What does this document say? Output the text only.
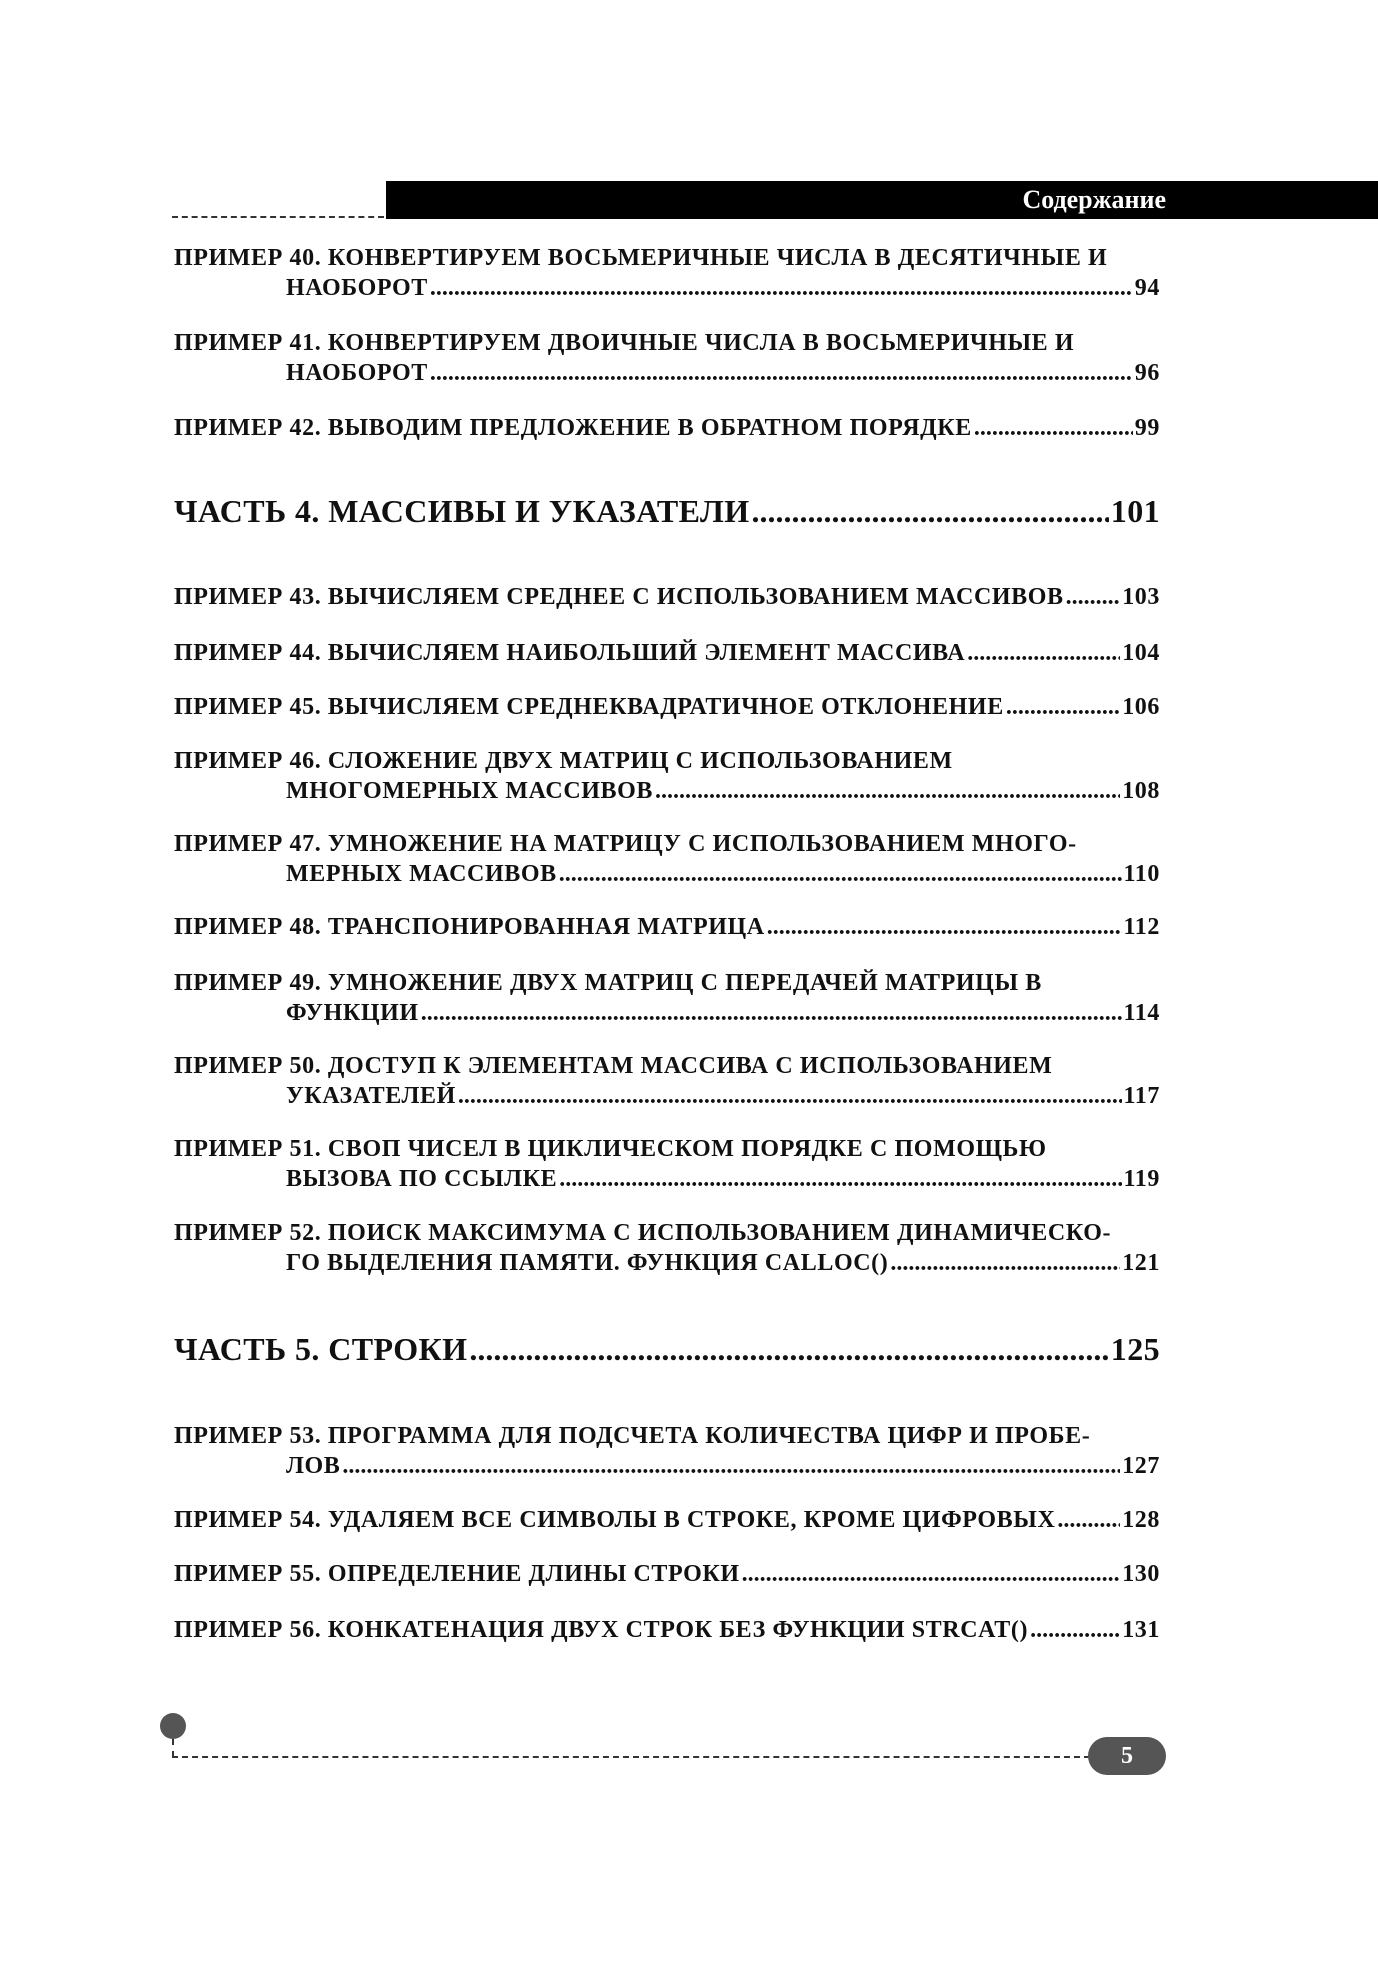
Содержание
ПРИМЕР 40. КОНВЕРТИРУЕМ ВОСЬМЕРИЧНЫЕ ЧИСЛА В ДЕСЯТИЧНЫЕ И
НАОБОРОТ .....	94
ПРИМЕР 41. КОНВЕРТИРУЕМ ДВОИЧНЫЕ ЧИСЛА В ВОСЬМЕРИЧНЫЕ И
НАОБОРОТ .....	96
ПРИМЕР 42. ВЫВОДИМ ПРЕДЛОЖЕНИЕ В ОБРАТНОМ ПОРЯДКЕ .....	99
ЧАСТЬ 4. МАССИВЫ И УКАЗАТЕЛИ .....	101
ПРИМЕР 43. ВЫЧИСЛЯЕМ СРЕДНЕЕ С ИСПОЛЬЗОВАНИЕМ МАССИВОВ ..... 103
ПРИМЕР 44. ВЫЧИСЛЯЕМ НАИБОЛЬШИЙ ЭЛЕМЕНТ МАССИВА .....	104
ПРИМЕР 45. ВЫЧИСЛЯЕМ СРЕДНЕКВАДРАТИЧНОЕ ОТКЛОНЕНИЕ .....	106
ПРИМЕР 46. СЛОЖЕНИЕ ДВУХ МАТРИЦ С ИСПОЛЬЗОВАНИЕМ
МНОГОМЕРНЫХ МАССИВОВ .....	108
ПРИМЕР 47. УМНОЖЕНИЕ НА МАТРИЦУ С ИСПОЛЬЗОВАНИЕМ МНОГО-
МЕРНЫХ МАССИВОВ .....	110
ПРИМЕР 48. ТРАНСПОНИРОВАННАЯ МАТРИЦА .....	112
ПРИМЕР 49. УМНОЖЕНИЕ ДВУХ МАТРИЦ С ПЕРЕДАЧЕЙ МАТРИЦЫ В
ФУНКЦИИ .....	114
ПРИМЕР 50. ДОСТУП К ЭЛЕМЕНТАМ МАССИВА С ИСПОЛЬЗОВАНИЕМ
УКАЗАТЕЛЕЙ .....	117
ПРИМЕР 51. СВОП ЧИСЕЛ В ЦИКЛИЧЕСКОМ ПОРЯДКЕ С ПОМОЩЬЮ
ВЫЗОВА ПО ССЫЛКЕ .....	119
ПРИМЕР 52. ПОИСК МАКСИМУМА С ИСПОЛЬЗОВАНИЕМ ДИНАМИЧЕСКО-
ГО ВЫДЕЛЕНИЯ ПАМЯТИ. ФУНКЦИЯ CALLOC() .....	121
ЧАСТЬ 5. СТРОКИ .....	125
ПРИМЕР 53. ПРОГРАММА ДЛЯ ПОДСЧЕТА КОЛИЧЕСТВА ЦИФР И ПРОБЕ-
ЛОВ .....	127
ПРИМЕР 54. УДАЛЯЕМ ВСЕ СИМВОЛЫ В СТРОКЕ, КРОМЕ ЦИФРОВЫХ .....	128
ПРИМЕР 55. ОПРЕДЕЛЕНИЕ ДЛИНЫ СТРОКИ .....	130
ПРИМЕР 56. КОНКАТЕНАЦИЯ ДВУХ СТРОК БЕЗ ФУНКЦИИ STRCAT() .....	131
5
